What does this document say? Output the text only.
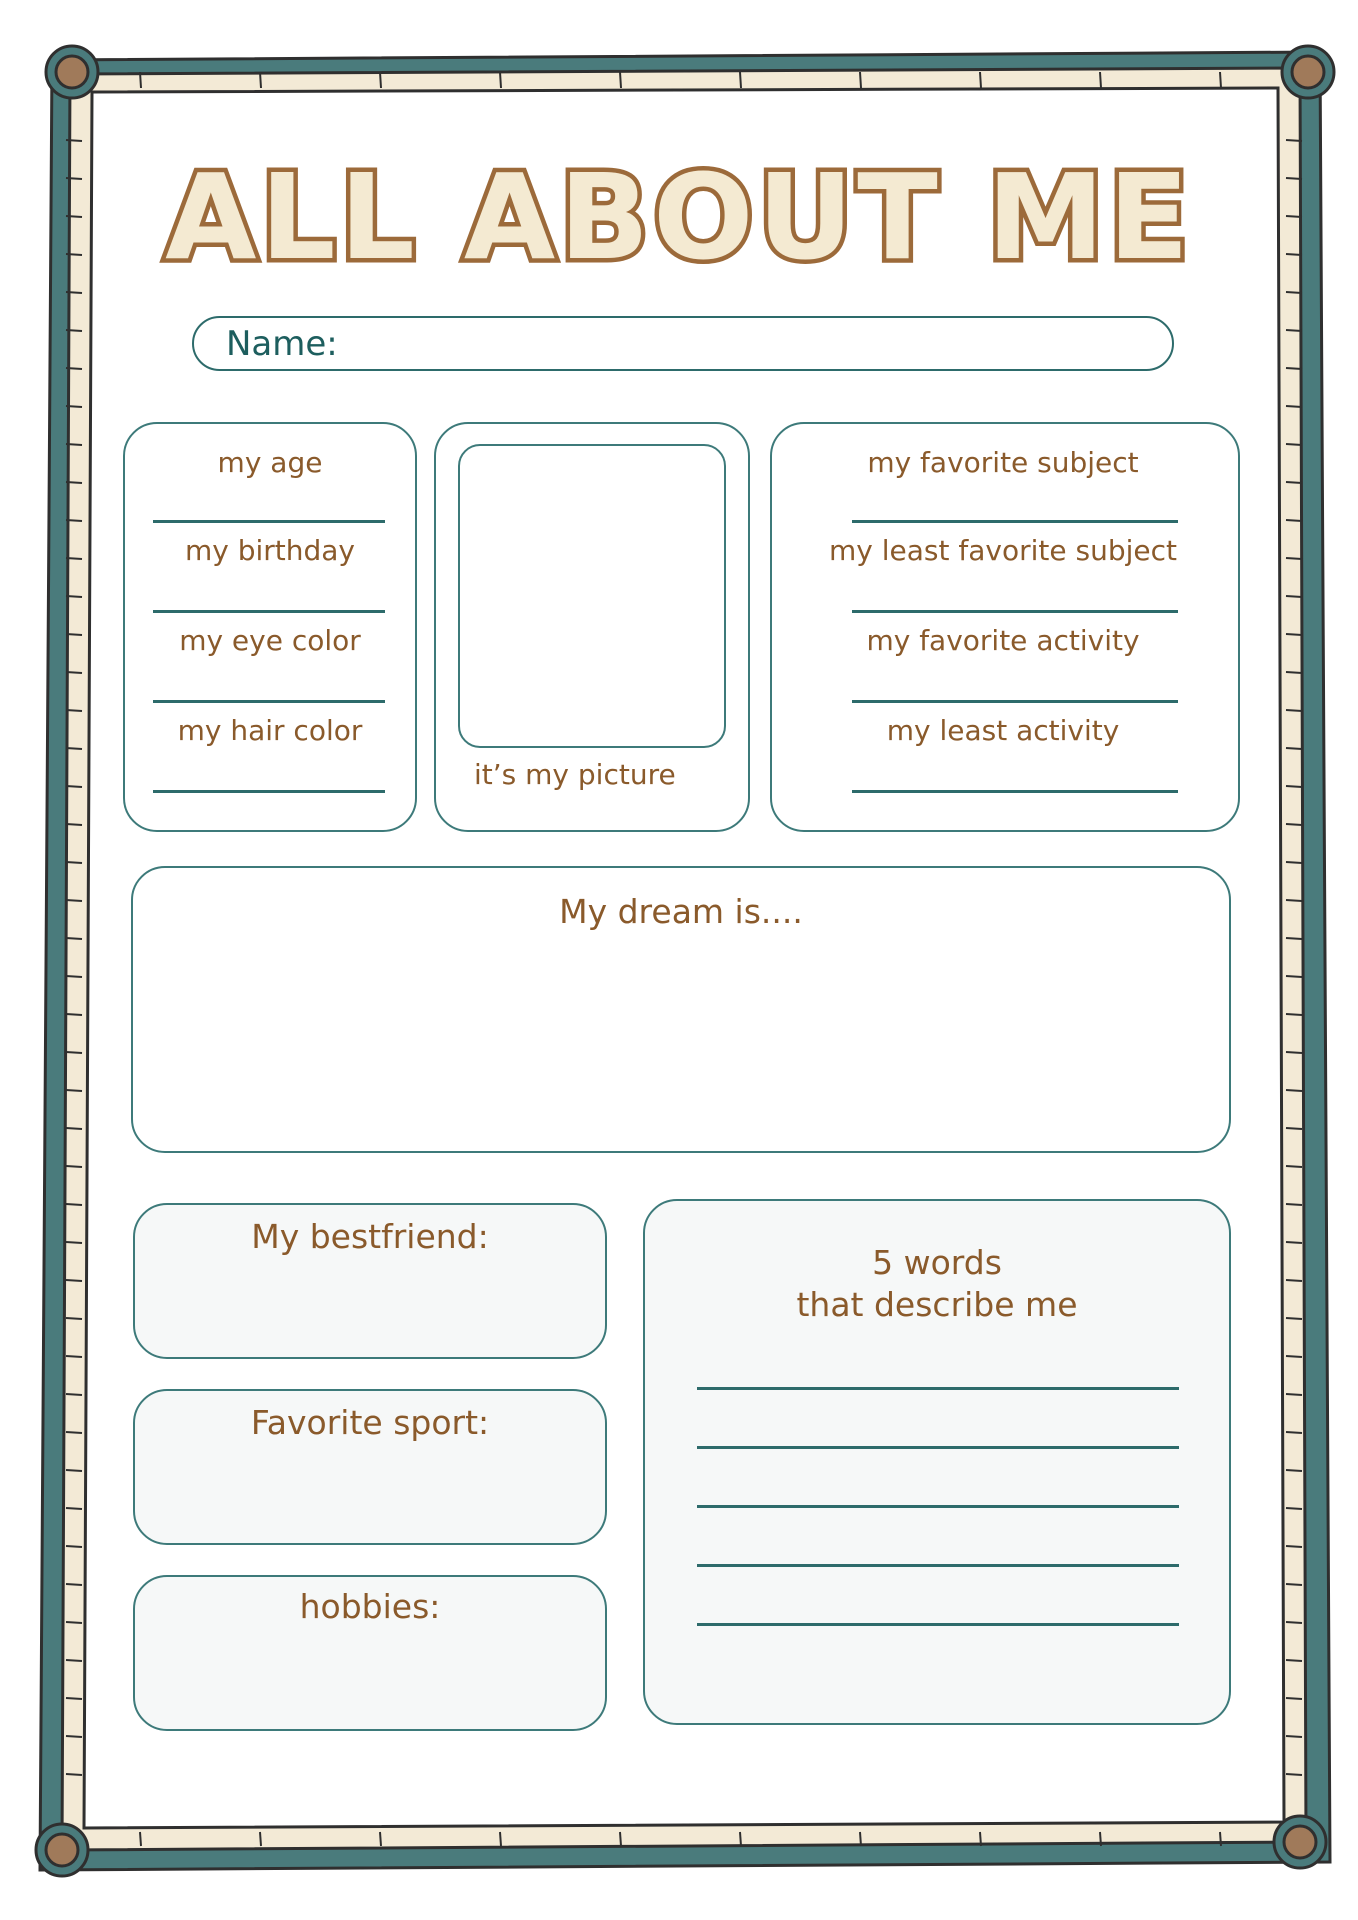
ALL ABOUT ME
Name:
my age
my birthday
my eye color
my hair color
it’s my picture
my favorite subject
my least favorite subject
my favorite activity
my least activity
My dream is....
My bestfriend:
Favorite sport:
hobbies:
5 words
that describe me
